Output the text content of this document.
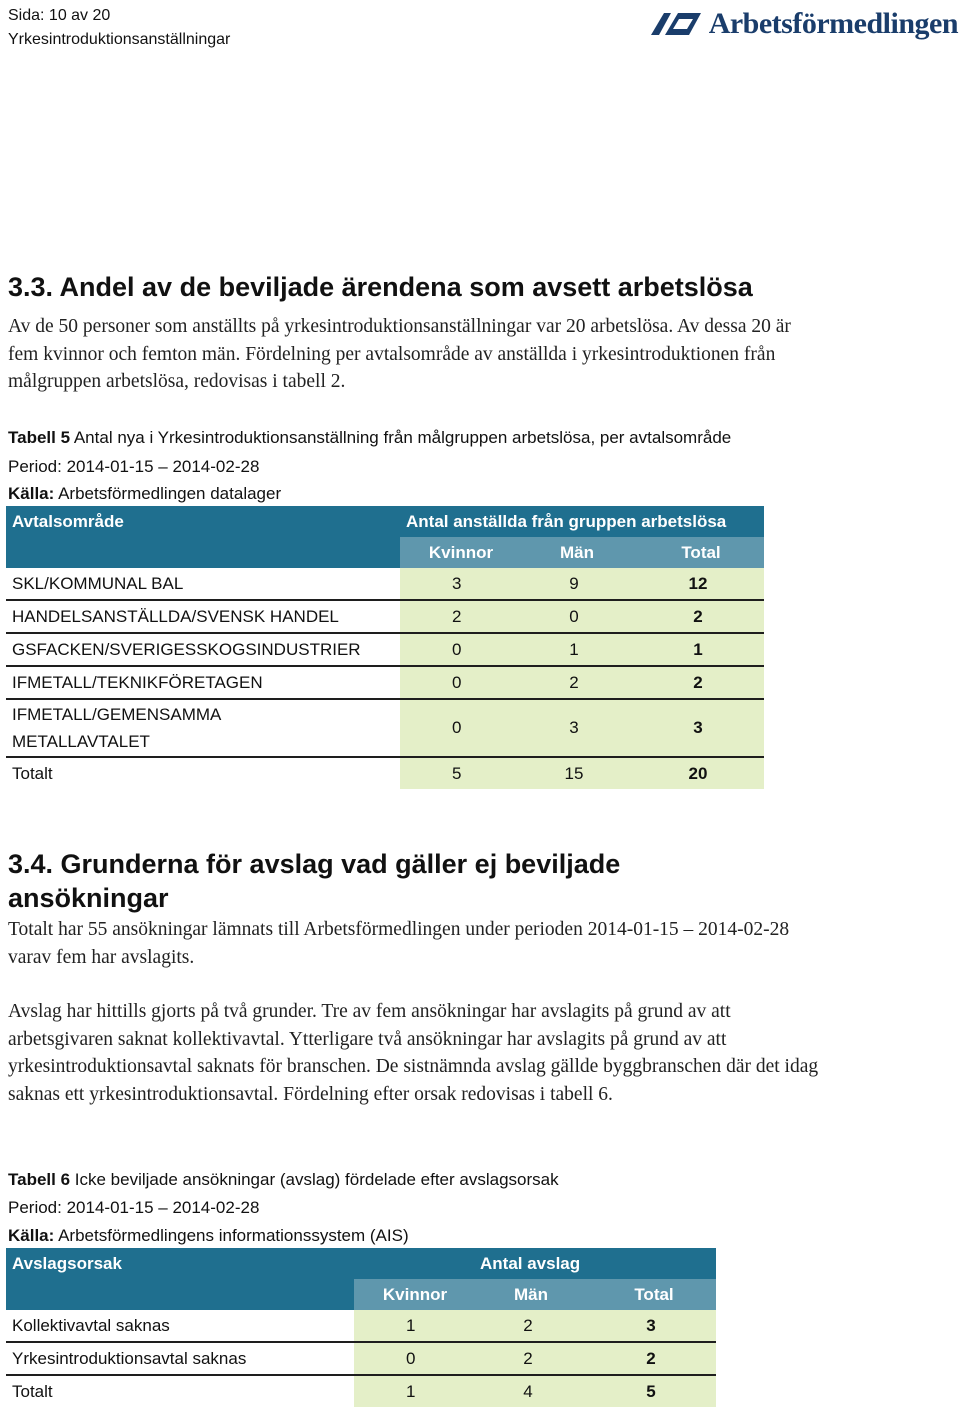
Sida: 10 av 20
Yrkesintroduktionsanställningar	Arbetsförmedlingen
3.3. Andel av de beviljade ärendena som avsett arbetslösa
Av de 50 personer som anställts på yrkesintroduktionsanställningar var 20 arbetslösa. Av dessa 20 är fem kvinnor och femton män. Fördelning per avtalsområde av anställda i yrkesintroduktionen från målgruppen arbetslösa, redovisas i tabell 2.
Tabell 5 Antal nya i Yrkesintroduktionsanställning från målgruppen arbetslösa, per avtalsområde
Period: 2014-01-15 – 2014-02-28
Källa: Arbetsförmedlingen datalager
Avtalsområde	Antal anställda från gruppen arbetslösa		
	Kvinnor	Män	Total
SKL/KOMMUNAL BAL	3	9	12
HANDELSANSTÄLLDA/SVENSK HANDEL	2	0	2
GSFACKEN/SVERIGESSKOGSINDUSTRIER	0	1	1
IFMETALL/TEKNIKFÖRETAGEN	0	2	2

IFMETALL/GEMENSAMMA
METALLAVTALET	0	3	3
Totalt	5	15	20
3.4. Grunderna för avslag vad gäller ej beviljade
ansökningar
Totalt har 55 ansökningar lämnats till Arbetsförmedlingen under perioden 2014-01-15 – 2014-02-28 varav fem har avslagits.
Avslag har hittills gjorts på två grunder. Tre av fem ansökningar har avslagits på grund av att arbetsgivaren saknat kollektivavtal. Ytterligare två ansökningar har avslagits på grund av att yrkesintroduktionsavtal saknats för branschen. De sistnämnda avslag gällde byggbranschen där det idag saknas ett yrkesintroduktionsavtal. Fördelning efter orsak redovisas i tabell 6.
Tabell 6 Icke beviljade ansökningar (avslag) fördelade efter avslagsorsak
Period: 2014-01-15 – 2014-02-28
Källa: Arbetsförmedlingens informationssystem (AIS)
Avslagsorsak	Antal avslag		
	Kvinnor	Män	Total
Kollektivavtal saknas	1	2	3
Yrkesintroduktionsavtal saknas	0	2	2
Totalt	1	4	5
